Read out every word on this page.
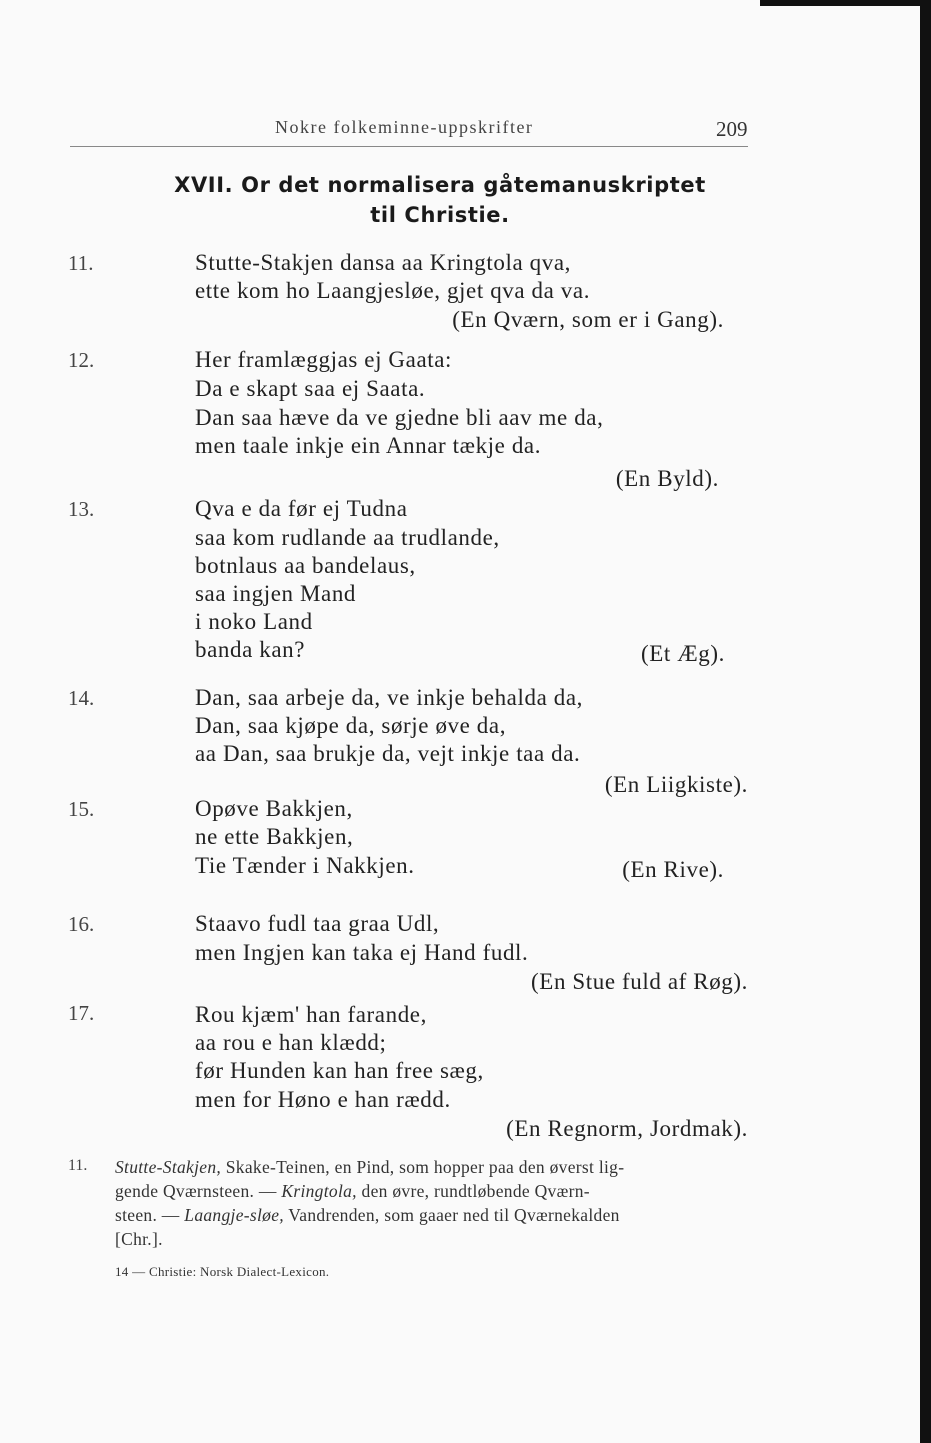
Nokre folkeminne-uppskrifter	209
XVII. Or det normalisera gåtemanuskriptet
til Christie.
11.	Stutte-Stakjen dansa aa Kringtola qva,
ette kom ho Laangjesløe, gjet qva da va.
(En Qværn, som er i Gang).
12.	Her framlæggjas ej Gaata:
Da e skapt saa ej Saata.
Dan saa hæve da ve gjedne bli aav me da,
men taale inkje ein Annar tækje da.
(En Byld).
13.	Qva e da før ej Tudna
saa kom rudlande aa trudlande,
botnlaus aa bandelaus,
saa ingjen Mand
i noko Land
banda kan?	(Et Æg).
14.	Dan, saa arbeje da, ve inkje behalda da,
Dan, saa kjøpe da, sørje øve da,
aa Dan, saa brukje da, vejt inkje taa da.
(En Liigkiste).
15.	Opøve Bakkjen,
ne ette Bakkjen,
Tie Tænder i Nakkjen.	(En Rive).
16.	Staavo fudl taa graa Udl,
men Ingjen kan taka ej Hand fudl.
(En Stue fuld af Røg).
17.	Rou kjæm' han farande,
aa rou e han klædd;
før Hunden kan han free sæg,
men for Høno e han rædd.
(En Regnorm, Jordmak).
11. Stutte-Stakjen, Skake-Teinen, en Pind, som hopper paa den øverst lig-
gende Qværnsteen. — Kringtola, den øvre, rundtløbende Qværn-
steen. — Laangje-sløe, Vandrenden, som gaaer ned til Qværnekalden
[Chr.].
14 — Christie: Norsk Dialect-Lexicon.
